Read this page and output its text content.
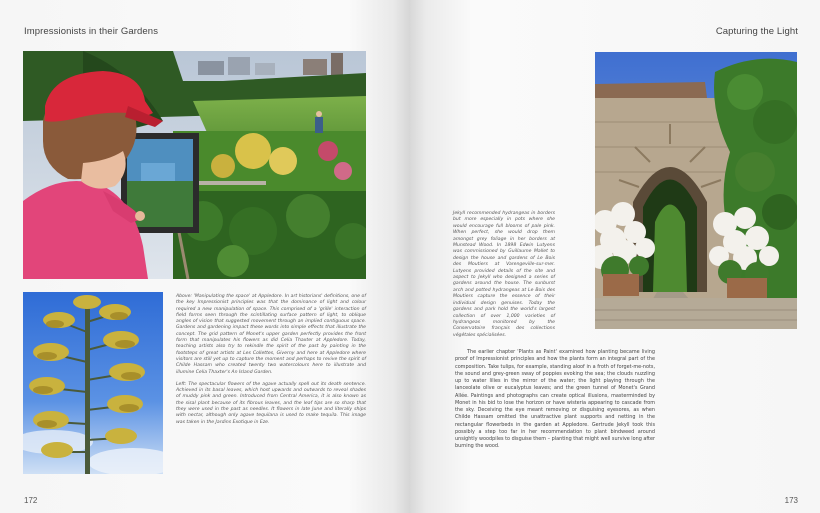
Impressionists in their Gardens

Above: 'Manipulating the space' at Appledore. In art historians' definitions, one of the key Impressionist principles was that the dominance of light and colour required a new manipulation of space. This comprised of a 'grille' interaction of field forms seen through the scintillating surface pattern of light, to oblique angles of vision that suggested movement through an implied contiguous space. Gardens and gardening impact these words into simple effects that illustrate the concept. The grid pattern of Monet's upper garden perfectly provides the front form that manipulates his flowers as did Celia Thaxter at Appledore. Today, teaching artists also try to rekindle the spirit of the past by painting in the footsteps of great artists at Les Collettes, Giverny and here at Appledore where visitors are still yet up to capture the moment and perhaps to revive the spirit of Childe Hassam who created twenty two watercolours here to illustrate and illumine Celia Thaxter's An Island Garden.

Left: The spectacular flowers of the agave actually spell out its death sentence. Achieved in its basal leaves, which host upwards and outwards to reveal shades of muddy pink and green. Introduced from Central America, it is also known as the sisal plant because of its fibrous leaves, and the leaf tips are so sharp that they were used in the past as needles. It flowers in late June and literally ships with nectar, although only agave tequilana is used to make tequila. This image was taken in the Jardins Exotique in Eze.

172
Capturing the Light
Jekyll recommended hydrangeas in borders but more especially in pots where she would encourage full blooms of pale pink. When perfect, she would drop them amongst grey foliage in her borders at Munstead Wood. In 1898 Edwin Lutyens was commissioned by Guillaume Mallet to design the house and gardens of Le Bois des Moutiers at Varengeville-sur-mer. Lutyens provided details of the site and aspect to Jekyll who designed a series of gardens around the house. The sunburst arch and potted hydrangeas at Le Bois des Moutiers capture the essence of their individual design genuises. Today the gardens and park hold the world's largest collection of over 1,000 varieties of hydrangeas monitored by the Conservatoire français des collections végétales spécialisées.

The earlier chapter 'Plants as Paint' examined how planting became living proof of Impressionist principles and how the plants form an integral part of the composition. Take tulips, for example, standing aloof in a froth of forget-me-nots, the sound and grey-green sway of poppies evoking the sea; the clouds nuzzling up to water lilies in the mirror of the water; the light playing through the lanceolate olive or eucalyptus leaves; and the green tunnel of Monet's Grand Allée. Paintings and photographs can create optical illusions, masterminded by Monet in his bid to lose the horizon or have wisteria appearing to cascade from the sky. Deceiving the eye meant removing or disguising eyesores, as when Childe Hassam omitted the unattractive plant supports and netting in the rectangular flowerbeds in the garden at Appledore. Gertrude Jekyll took this possibly a step too far in her recommendation to plant bindweed around unsightly woodpiles to disguise them – planting that might well survive long after burning the wood.

173
